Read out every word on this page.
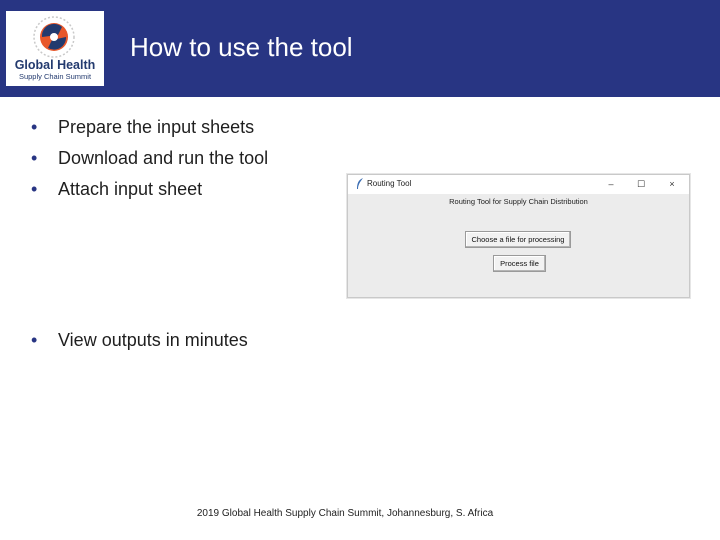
Global Health
Supply Chain Summit
How to use the tool
• Prepare the input sheets
• Download and run the tool
• Attach input sheet	Routing Tool	–	☐	×
Routing Tool for Supply Chain Distribution
Choose a file for processing
Process file
• View outputs in minutes
2019 Global Health Supply Chain Summit, Johannesburg, S. Africa
